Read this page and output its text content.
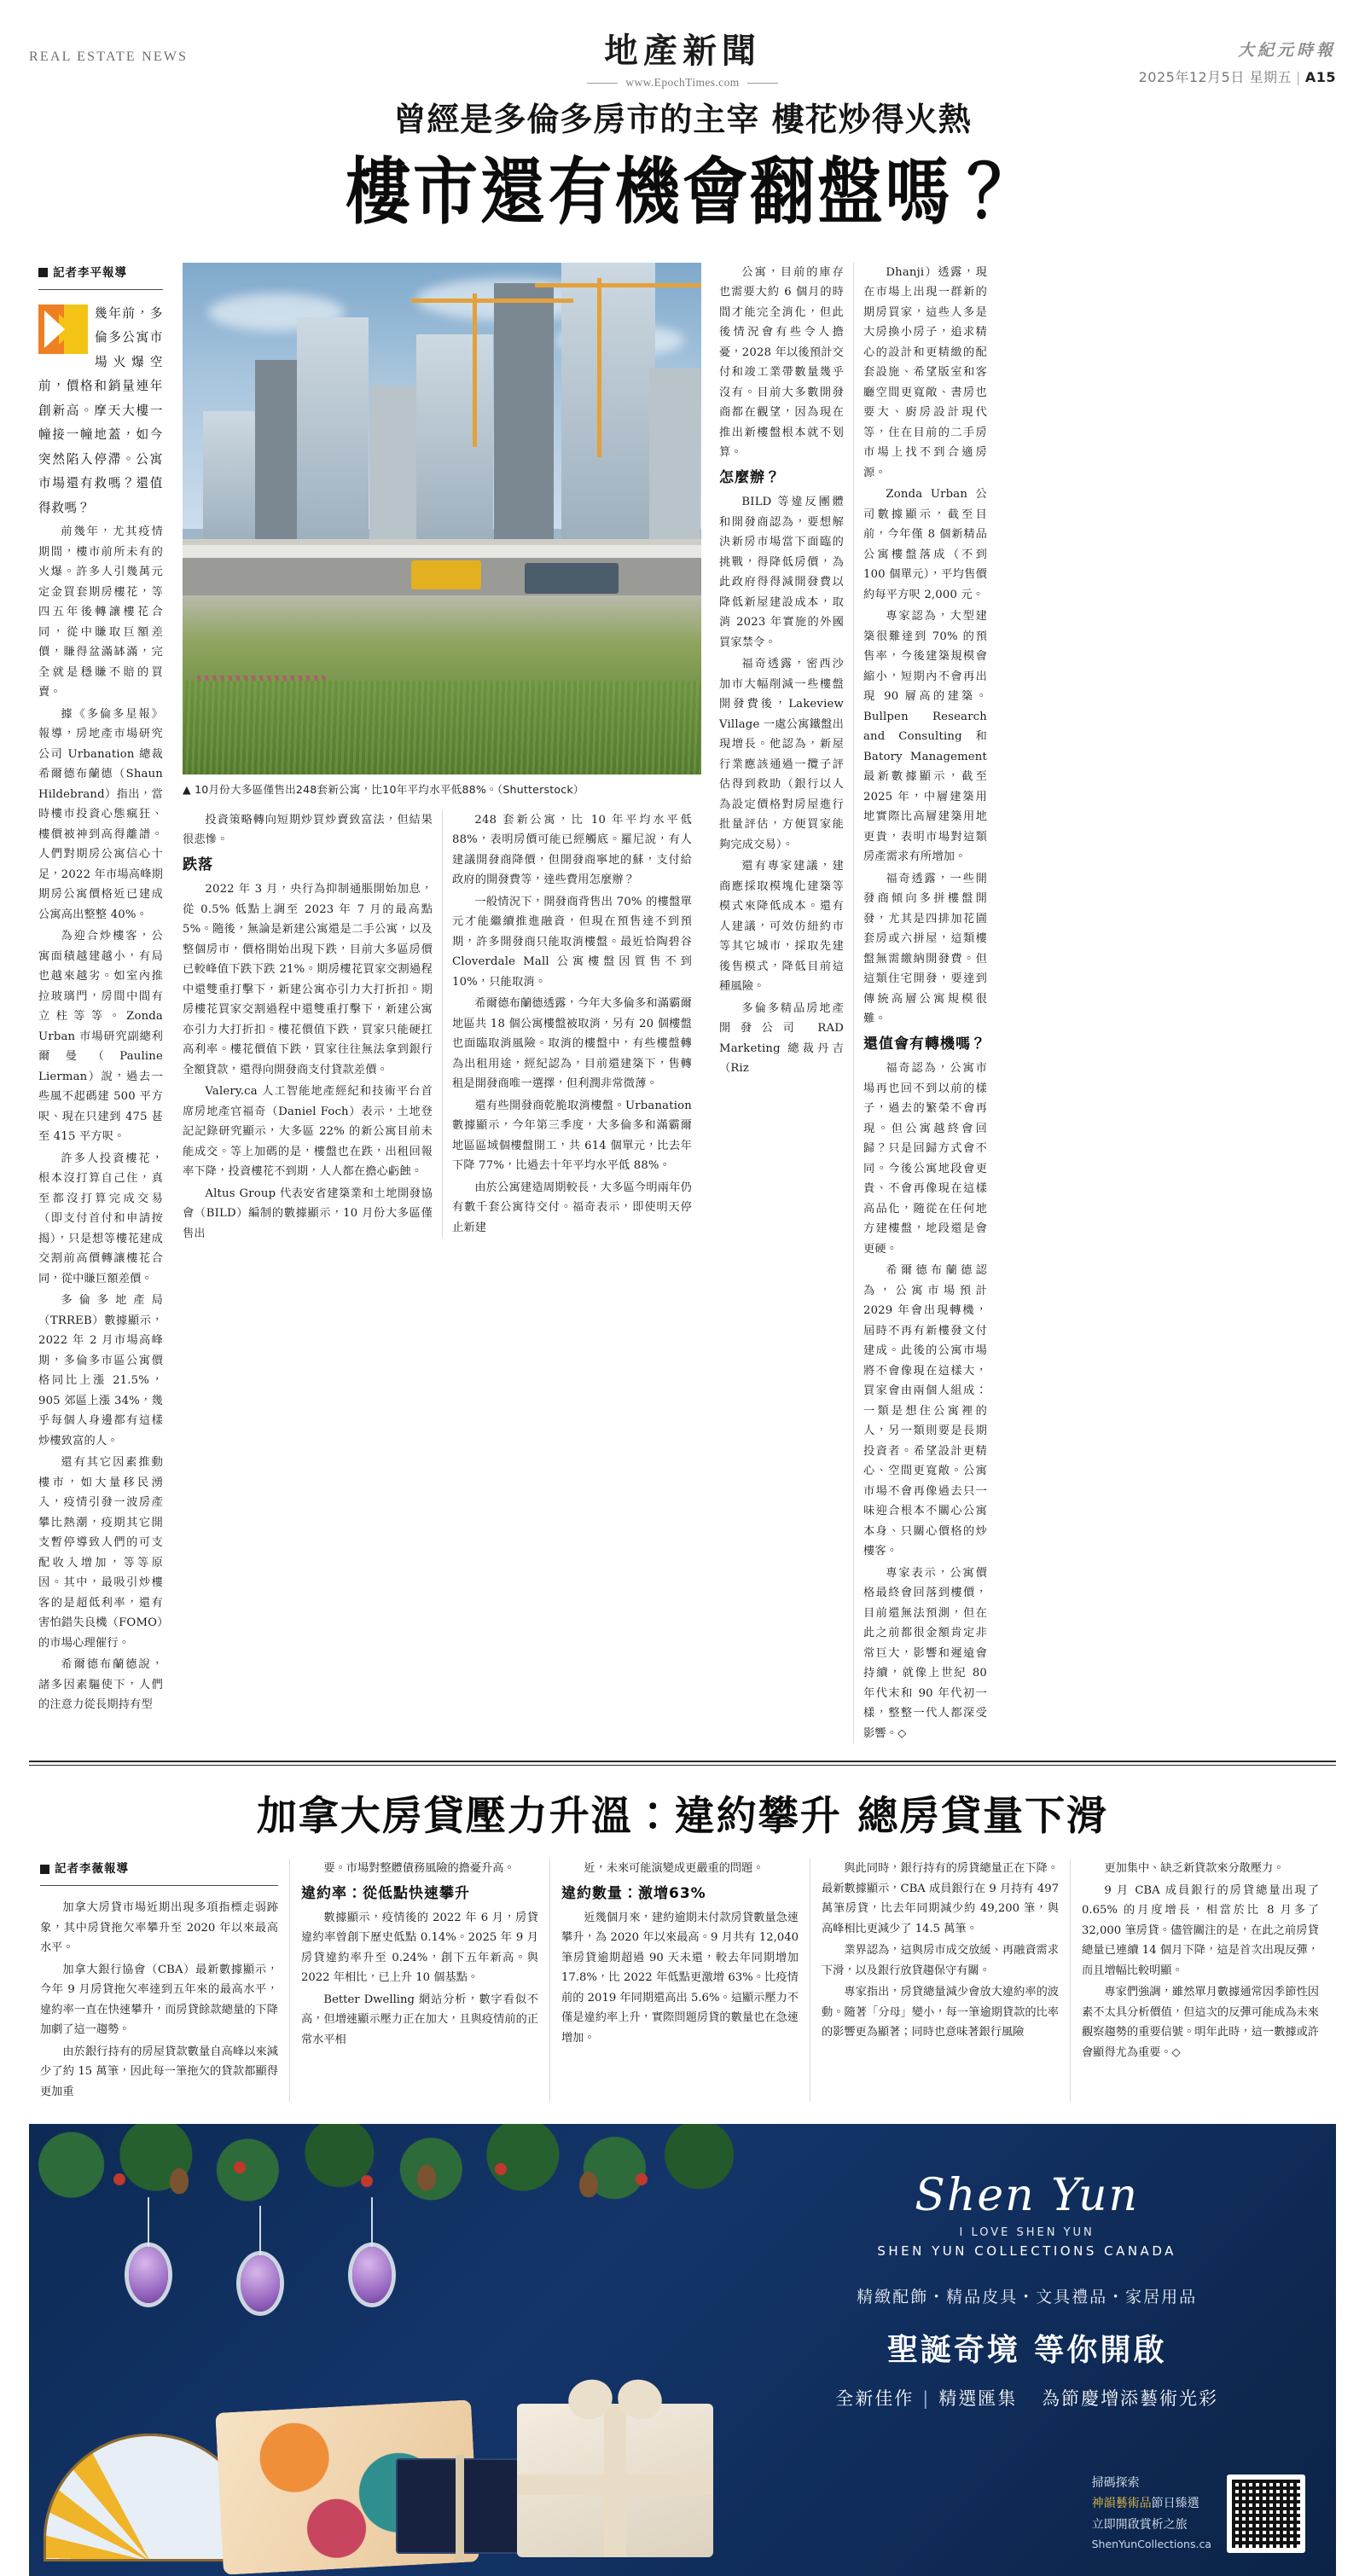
REAL ESTATE NEWS	地產新聞
www.EpochTimes.com
大紀元時報
2025年12月5日 星期五 | A15
曾經是多倫多房市的主宰 樓花炒得火熱
樓市還有機會翻盤嗎？
記者李平報導

幾年前，多倫多公寓市場火爆空前，價格和銷量連年創新高。摩天大樓一幢接一幢地蓋，如今突然陷入停滯。公寓市場還有救嗎？還值得救嗎？

前幾年，尤其疫情期間，樓市前所未有的火爆。許多人引幾萬元定金買套期房樓花，等四五年後轉讓樓花合同，從中賺取巨額差價，賺得盆滿缽滿，完全就是穩賺不賠的買賣。

據《多倫多星報》報導，房地產市場研究公司 Urbanation 總裁希爾德布蘭德（Shaun Hildebrand）指出，當時樓市投資心態瘋狂、樓價被神到高得離譜。人們對期房公寓信心十足，2022 年市場高峰期期房公寓價格近已建成公寓高出整整 40%。

為迎合炒樓客，公寓面積越建越小，有局也越來越劣。如室內推拉玻璃門，房間中間有立柱等等。Zonda Urban 市場研究副總利爾曼（Pauline Lierman）說，過去一些風不起碼建 500 平方呎、現在只建到 475 甚至 415 平方呎。

許多人投資樓花，根本沒打算自己住，真至都沒打算完成交易（即支付首付和申請按揭），只是想等樓花建成交割前高價轉讓樓花合同，從中賺巨額差價。

多倫多地產局（TRREB）數據顯示，2022 年 2 月市場高峰期，多倫多市區公寓價格同比上漲 21.5%，905 郊區上漲 34%，幾乎每個人身邊都有這樣炒樓致富的人。

還有其它因素推動樓市，如大量移民湧入，疫情引發一波房產攀比熱潮，疫期其它開支暫停導致人們的可支配收入增加，等等原因。其中，最吸引炒樓客的是超低利率，還有害怕錯失良機（FOMO）的市場心理催行。

希爾德布蘭德說，諸多因素驅使下，人們的注意力從長期持有型

▲ 10月份大多區僅售出248套新公寓，比10年平均水平低88%。（Shutterstock）

投資策略轉向短期炒買炒賣致富法，但結果很悲慘。

跌落

2022 年 3 月，央行為抑制通脹開始加息，從 0.5% 低點上調至 2023 年 7 月的最高點 5%。隨後，無論是新建公寓還是二手公寓，以及整個房市，價格開始出現下跌，目前大多區房價已較峰值下跌下跌 21%。期房樓花買家交割過程中還雙重打擊下，新建公寓亦引力大打折扣。期房樓花買家交割過程中還雙重打擊下，新建公寓亦引力大打折扣。樓花價值下跌，買家只能硬扛高利率。樓花價值下跌，買家往往無法拿到銀行全額貸款，還得向開發商支付貸款差價。

Valery.ca 人工智能地產經紀和技術平台首席房地產官福奇（Daniel Foch）表示，土地登記記錄研究顯示，大多區 22% 的新公寓目前未能成交。等上加碼的是，樓盤也在跌，出租回報率下降，投資樓花不到期，人人都在擔心虧蝕。

Altus Group 代表安省建築業和土地開發協會（BILD）編制的數據顯示，10 月份大多區僅售出

248 套新公寓，比 10 年平均水平低 88%，表明房價可能已經觸底。羅尼說，有人建議開發商降價，但開發商寧地的蘇，支付給政府的開發費等，達些費用怎麼辦？

一般情況下，開發商背售出 70% 的樓盤單元才能繼續推進融資，但現在預售達不到預期，許多開發商只能取消樓盤。最近恰陶碧谷 Cloverdale Mall 公寓樓盤因質售不到 10%，只能取消。

希爾德布蘭德透露，今年大多倫多和滿霸爾地區共 18 個公寓樓盤被取消，另有 20 個樓盤也面臨取消風險。取消的樓盤中，有些樓盤轉為出租用途，經紀認為，目前還建築下，售轉租是開發商唯一選擇，但利潤非常微薄。

還有些開發商乾脆取消樓盤。Urbanation 數據顯示，今年第三季度，大多倫多和滿霸爾地區區域個樓盤開工，共 614 個單元，比去年下降 77%，比過去十年平均水平低 88%。

由於公寓建造周期較長，大多區今明兩年仍有數千套公寓待交付。福奇表示，即使明天停止新建

公寓，目前的庫存也需要大約 6 個月的時間才能完全消化，但此後情況會有些令人擔憂，2028 年以後預計交付和竣工業帶數量幾乎沒有。目前大多數開發商都在觀望，因為現在推出新樓盤根本就不划算。

怎麼辦？

BILD 等違反團體和開發商認為，要想解決新房市場當下面臨的挑戰，得降低房價，為此政府得得減開發費以降低新屋建設成本，取消 2023 年實施的外國買家禁令。

福奇透露，密西沙加市大幅削減一些樓盤開發費後，Lakeview Village 一處公寓鐵盤出現增長。他認為，新屋行業應該通過一攬子評估得到救助（銀行以人為設定價格對房屋進行批量評估，方便買家能夠完成交易）。

還有專家建議，建商應採取模塊化建築等模式來降低成本。還有人建議，可效仿紐約市等其它城市，採取先建後售模式，降低目前這種風險。

多倫多精品房地產開發公司 RAD Marketing 總裁丹吉（Riz

Dhanji）透露，現在市場上出現一群新的期房買家，這些人多是大房換小房子，追求精心的設計和更精緻的配套設施、希望版室和客廳空間更寬敞、書房也要大、廚房設計現代等，住在目前的二手房市場上找不到合適房源。

Zonda Urban 公司數據顯示，截至目前，今年僅 8 個新精品公寓樓盤落成（不到 100 個單元），平均售價約每平方呎 2,000 元。

專家認為，大型建築很難達到 70% 的預售率，今後建築規模會縮小，短期內不會再出現 90 層高的建築。Bullpen Research and Consulting 和 Batory Management 最新數據顯示，截至 2025 年，中層建築用地實際比高層建築用地更貴，表明市場對這類房產需求有所增加。

福奇透露，一些開發商傾向多拼樓盤開發，尤其是四排加花園套房或六拼屋，這類樓盤無需繳納開發費。但這類住宅開發，要達到傳統高層公寓規模很難。

還值會有轉機嗎？

福奇認為，公寓市場再也回不到以前的樣子，過去的繁榮不會再現。但公寓越終會回歸？只是回歸方式會不同。今後公寓地段會更貴、不會再像現在這樣高品化，隨從在任何地方建樓盤，地段還是會更硬。

希爾德布蘭德認為，公寓市場預計 2029 年會出現轉機，屆時不再有新樓發文付建成。此後的公寓市場將不會像現在這樣大，買家會由兩個人組成：一類是想住公寓裡的人，另一類則要是長期投資者。希望設計更精心、空間更寬敞。公寓市場不會再像過去只一味迎合根本不關心公寓本身、只關心價格的炒樓客。

專家表示，公寓價格最終會回落到樓價，目前還無法預測，但在此之前都很金額肯定非常巨大，影響和遲遠會持續，就像上世紀 80 年代末和 90 年代初一樣，整整一代人都深受影響。◇

加拿大房貸壓力升溫：違約攀升 總房貸量下滑
記者李薇報導

加拿大房貸市場近期出現多項指標走弱跡象，其中房貸拖欠率攀升至 2020 年以來最高水平。

加拿大銀行協會（CBA）最新數據顯示，今年 9 月房貸拖欠率達到五年來的最高水平，違約率一直在快速攀升，而房貸餘款總量的下降加劇了這一趨勢。

由於銀行持有的房屋貸款數量自高峰以來減少了約 15 萬筆，因此每一筆拖欠的貸款都顯得更加重

要。市場對整體債務風險的擔憂升高。

違約率：從低點快速攀升

數據顯示，疫情後的 2022 年 6 月，房貸違約率曾創下歷史低點 0.14%。2025 年 9 月房貸違約率升至 0.24%，創下五年新高。與 2022 年相比，已上升 10 個基點。

Better Dwelling 網站分析，數字看似不高，但增速顯示壓力正在加大，且與疫情前的正常水平相

近，未來可能演變成更嚴重的問題。

違約數量：激增63%

近幾個月來，建約逾期未付款房貸數量急速攀升，為 2020 年以來最高。9 月共有 12,040 筆房貸逾期超過 90 天未還，較去年同期增加 17.8%，比 2022 年低點更激增 63%。比疫情前的 2019 年同期還高出 5.6%。這顯示壓力不僅是違約率上升，實際問題房貸的數量也在急速增加。

與此同時，銀行持有的房貸總量正在下降。最新數據顯示，CBA 成員銀行在 9 月持有 497 萬筆房貸，比去年同期減少約 49,200 筆，與高峰相比更減少了 14.5 萬筆。

業界認為，這與房市成交放緩、再融資需求下滑，以及銀行放貸趨保守有關。

專家指出，房貸總量減少會放大違約率的波動。隨著「分母」變小，每一筆逾期貸款的比率的影響更為顯著；同時也意味著銀行風險

更加集中、缺乏新貸款來分散壓力。

9 月 CBA 成員銀行的房貸總量出現了 0.65% 的月度增長，相當於比 8 月多了 32,000 筆房貸。儘管關注的是，在此之前房貸總量已連續 14 個月下降，這是首次出現反彈，而且增幅比較明顯。

專家們強調，雖然單月數據通常因季節性因素不太具分析價值，但這次的反彈可能成為未來觀察趨勢的重要信號。明年此時，這一數據或許會顯得尤為重要。◇

Shen Yun
I LOVE SHEN YUN
SHEN YUN COLLECTIONS CANADA
精緻配飾・精品皮具・文具禮品・家居用品
聖誕奇境 等你開啟
全新佳作 | 精選匯集 為節慶增添藝術光彩
掃碼探索
神韻藝術品節日臻選
立即開啟賞析之旅
ShenYunCollections.ca
